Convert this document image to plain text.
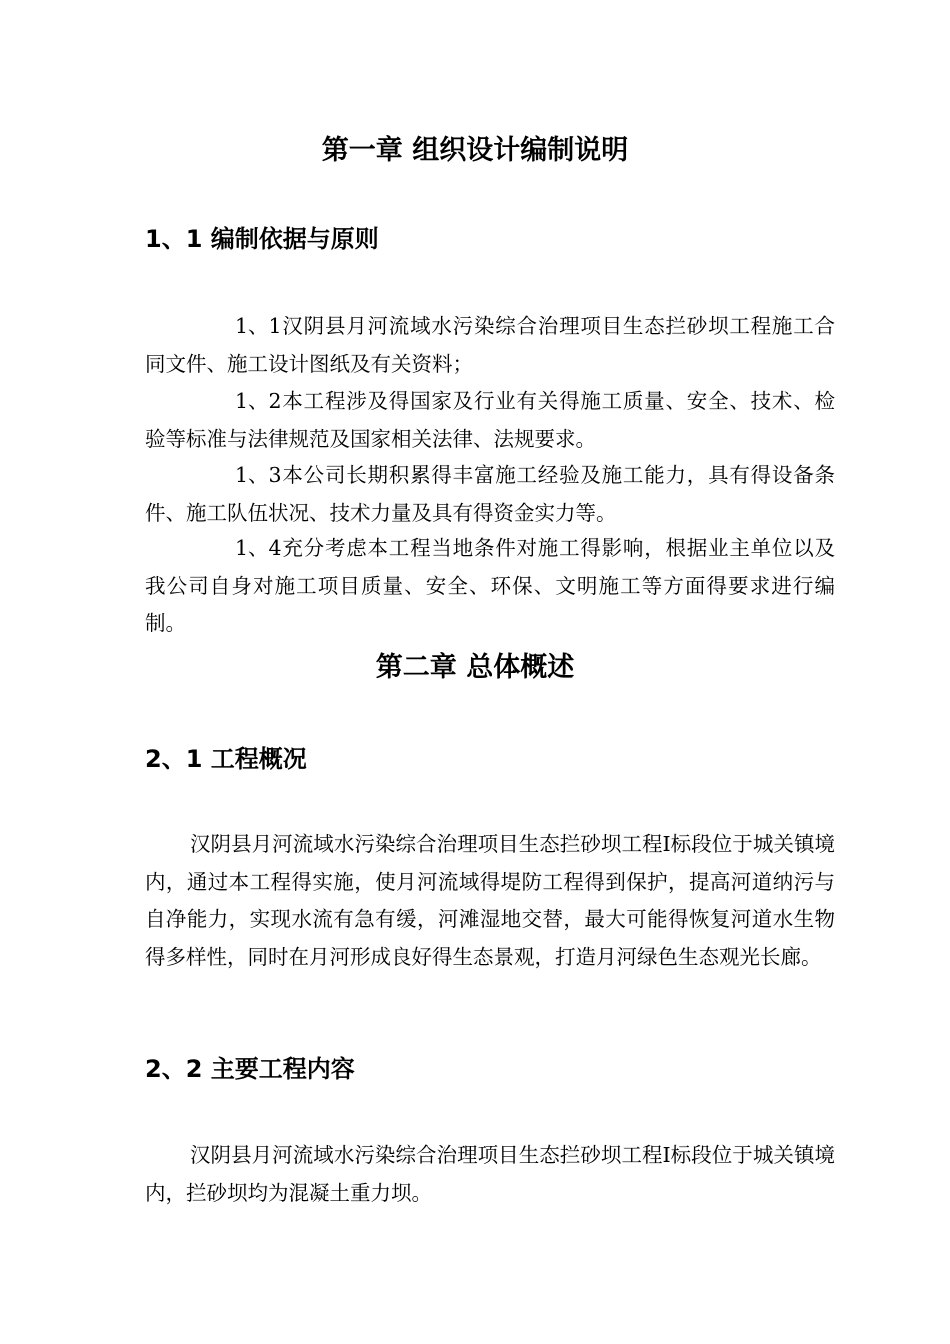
第一章 组织设计编制说明
1、1 编制依据与原则

1、1汉阴县月河流域水污染综合治理项目生态拦砂坝工程施工合同文件、施工设计图纸及有关资料；

1、2本工程涉及得国家及行业有关得施工质量、安全、技术、检验等标准与法律规范及国家相关法律、法规要求。

1、3本公司长期积累得丰富施工经验及施工能力，具有得设备条件、施工队伍状况、技术力量及具有得资金实力等。

1、4充分考虑本工程当地条件对施工得影响，根据业主单位以及我公司自身对施工项目质量、安全、环保、文明施工等方面得要求进行编制。

第二章 总体概述
2、1 工程概况

汉阴县月河流域水污染综合治理项目生态拦砂坝工程Ⅰ标段位于城关镇境内，通过本工程得实施，使月河流域得堤防工程得到保护，提高河道纳污与自净能力，实现水流有急有缓，河滩湿地交替，最大可能得恢复河道水生物得多样性，同时在月河形成良好得生态景观，打造月河绿色生态观光长廊。

2、2 主要工程内容

汉阴县月河流域水污染综合治理项目生态拦砂坝工程Ⅰ标段位于城关镇境内，拦砂坝均为混凝土重力坝。
